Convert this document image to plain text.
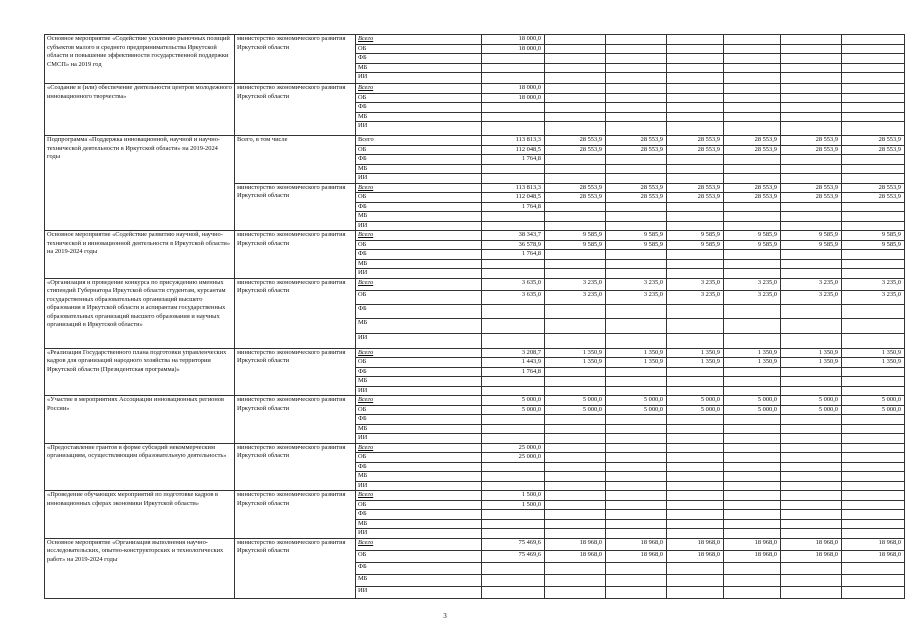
Основное мероприятие «Содействие усилению рыночных позиций субъектов малого и среднего предпринимательства Иркутской области и повышение эффективности государственной поддержки СМСП» на 2019 год	министерство экономического развития Иркутской области	Всего	18 000,0						
		ОБ	18 000,0						
		ФБ							
		МБ							
		ИИ							
«Создание и (или) обеспечение деятельности центров молодежного инновационного творчества»	министерство экономического развития Иркутской области	Всего	18 000,0						
		ОБ	18 000,0						
		ФБ							
		МБ							
		ИИ							
Подпрограмма «Поддержка инновационной, научной и научно-технической деятельности в Иркутской области» на 2019-2024 годы	Всего, в том числе	Всего	113 813,3	28 553,9	28 553,9	28 553,9	28 553,9	28 553,9	28 553,9
		ОБ	112 048,5	28 553,9	28 553,9	28 553,9	28 553,9	28 553,9	28 553,9
		ФБ	1 764,8						
		МБ							
		ИИ							
	министерство экономического развития Иркутской области	Всего	113 813,3	28 553,9	28 553,9	28 553,9	28 553,9	28 553,9	28 553,9
		ОБ	112 048,5	28 553,9	28 553,9	28 553,9	28 553,9	28 553,9	28 553,9
		ФБ	1 764,8						
		МБ							
		ИИ							
Основное мероприятие «Содействие развитию научной, научно-технической и инновационной деятельности в Иркутской области» на 2019-2024 годы	министерство экономического развития Иркутской области	Всего	38 343,7	9 585,9	9 585,9	9 585,9	9 585,9	9 585,9	9 585,9
		ОБ	36 578,9	9 585,9	9 585,9	9 585,9	9 585,9	9 585,9	9 585,9
		ФБ	1 764,8						
		МБ							
		ИИ							
«Организация и проведение конкурса по присуждению именных стипендий Губернатора Иркутской области студентам, курсантам государственных образовательных организаций высшего образования в Иркутской области и аспирантам государственных образовательных организаций высшего образования и научных организаций в Иркутской области»	министерство экономического развития Иркутской области	Всего	3 635,0	3 235,0	3 235,0	3 235,0	3 235,0	3 235,0	3 235,0
		ОБ	3 635,0	3 235,0	3 235,0	3 235,0	3 235,0	3 235,0	3 235,0
		ФБ							
		МБ							
		ИИ							
«Реализация Государственного плана подготовки управленческих кадров для организаций народного хозяйства на территории Иркутской области (Президентская программа)»	министерство экономического развития Иркутской области	Всего	3 208,7	1 350,9	1 350,9	1 350,9	1 350,9	1 350,9	1 350,9
		ОБ	1 443,9	1 350,9	1 350,9	1 350,9	1 350,9	1 350,9	1 350,9
		ФБ	1 764,8						
		МБ							
		ИИ							
«Участие в мероприятиях Ассоциации инновационных регионов России»	министерство экономического развития Иркутской области	Всего	5 000,0	5 000,0	5 000,0	5 000,0	5 000,0	5 000,0	5 000,0
		ОБ	5 000,0	5 000,0	5 000,0	5 000,0	5 000,0	5 000,0	5 000,0
		ФБ							
		МБ							
		ИИ							
«Предоставление грантов в форме субсидий некоммерческим организациям, осуществляющим образовательную деятельность»	министерство экономического развития Иркутской области	Всего	25 000,0						
		ОБ	25 000,0						
		ФБ							
		МБ							
		ИИ							
«Проведение обучающих мероприятий по подготовке кадров в инновационных сферах экономики Иркутской области»	министерство экономического развития Иркутской области	Всего	1 500,0						
		ОБ	1 500,0						
		ФБ							
		МБ							
		ИИ							
Основное мероприятие «Организация выполнения научно-исследовательских, опытно-конструкторских и технологических работ» на 2019-2024 годы	министерство экономического развития Иркутской области	Всего	75 469,6	18 968,0	18 968,0	18 968,0	18 968,0	18 968,0	18 968,0
		ОБ	75 469,6	18 968,0	18 968,0	18 968,0	18 968,0	18 968,0	18 968,0
		ФБ							
		МБ							
		ИИ							
3
